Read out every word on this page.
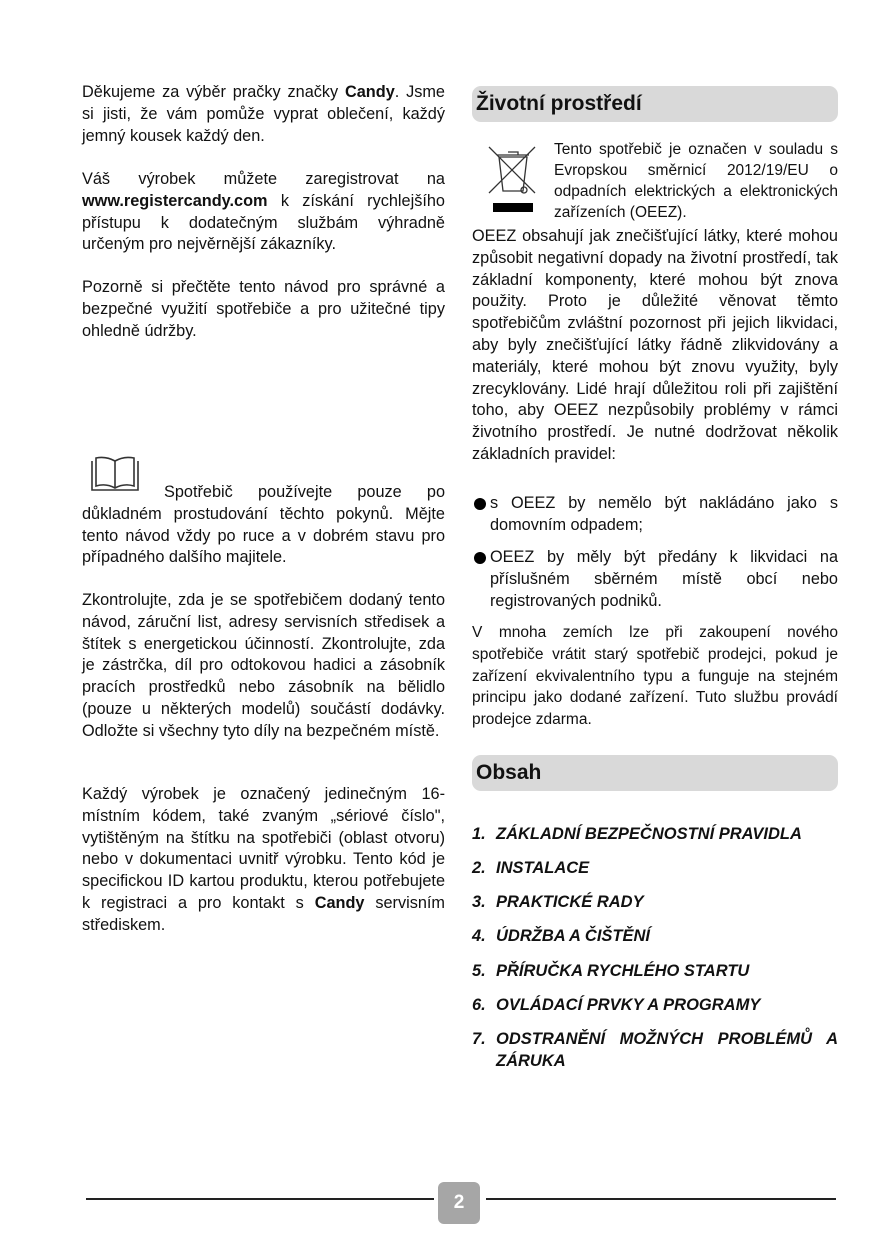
Děkujeme za výběr pračky značky Candy. Jsme si jisti, že vám pomůže vyprat oblečení, každý jemný kousek každý den.

Váš výrobek můžete zaregistrovat na www.registercandy.com k získání rychlejšího přístupu k dodatečným službám výhradně určeným pro nejvěrnější zákazníky.

Pozorně si přečtěte tento návod pro správné a bezpečné využití spotřebiče a pro užitečné tipy ohledně údržby.

Spotřebič používejte pouze po důkladném prostudování těchto pokynů. Mějte tento návod vždy po ruce a v dobrém stavu pro případného dalšího majitele.

Zkontrolujte, zda je se spotřebičem dodaný tento návod, záruční list, adresy servisních středisek a štítek s energetickou účinností. Zkontrolujte, zda je zástrčka, díl pro odtokovou hadici a zásobník pracích prostředků nebo zásobník na bělidlo (pouze u některých modelů) součástí dodávky. Odložte si všechny tyto díly na bezpečném místě.

Každý výrobek je označený jedinečným 16-místním kódem, také zvaným „sériové číslo", vytištěným na štítku na spotřebiči (oblast otvoru) nebo v dokumentaci uvnitř výrobku. Tento kód je specifickou ID kartou produktu, kterou potřebujete k registraci a pro kontakt s Candy servisním střediskem.

Životní prostředí

Tento spotřebič je označen v souladu s Evropskou směrnicí 2012/19/EU o odpadních elektrických a elektronických zařízeních (OEEZ).

OEEZ obsahují jak znečišťující látky, které mohou způsobit negativní dopady na životní prostředí, tak základní komponenty, které mohou být znova použity. Proto je důležité věnovat těmto spotřebičům zvláštní pozornost při jejich likvidaci, aby byly znečišťující látky řádně zlikvidovány a materiály, které mohou být znovu využity, byly zrecyklovány. Lidé hrají důležitou roli při zajištění toho, aby OEEZ nezpůsobily problémy v rámci životního prostředí. Je nutné dodržovat několik základních pravidel:

s OEEZ by nemělo být nakládáno jako s domovním odpadem;
OEEZ by měly být předány k likvidaci na příslušném sběrném místě obcí nebo registrovaných podniků.

V mnoha zemích lze při zakoupení nového spotřebiče vrátit starý spotřebič prodejci, pokud je zařízení ekvivalentního typu a funguje na stejném principu jako dodané zařízení. Tuto službu provádí prodejce zdarma.

Obsah
1. ZÁKLADNÍ BEZPEČNOSTNÍ PRAVIDLA
2. INSTALACE
3. PRAKTICKÉ RADY
4. ÚDRŽBA A ČIŠTĚNÍ
5. PŘÍRUČKA RYCHLÉHO STARTU
6. OVLÁDACÍ PRVKY A PROGRAMY
7. ODSTRANĚNÍ MOŽNÝCH PROBLÉMŮ A ZÁRUKA
2
